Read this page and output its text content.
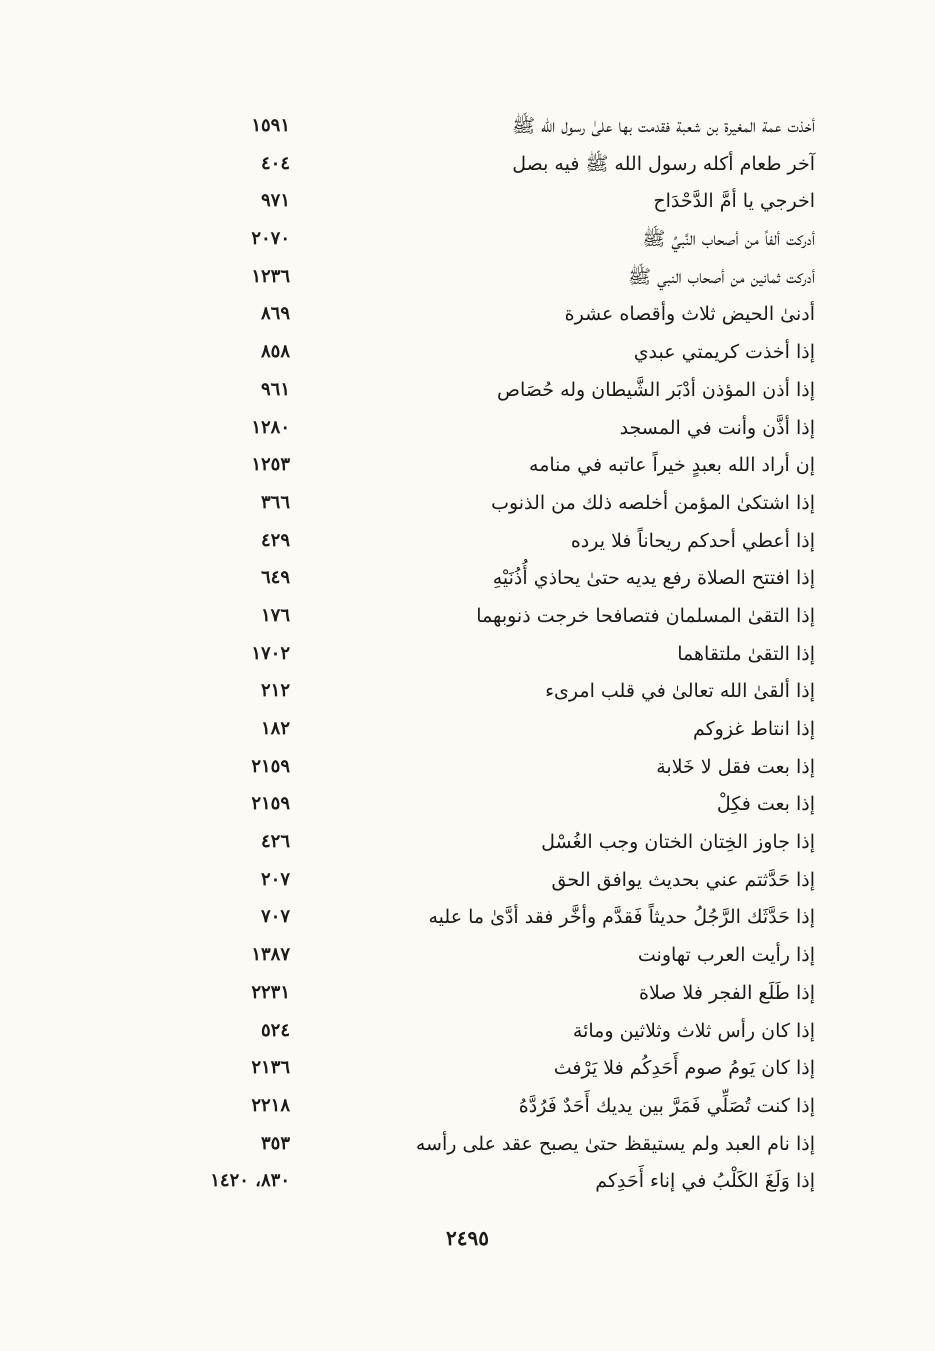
أخذت عمة المغيرة بن شعبة فقدمت بها علىٰ رسول الله ﷺ
١٥٩١
آخر طعام أكله رسول الله ﷺ فيه بصل
٤٠٤
اخرجي يا أمَّ الدَّحْدَاح
٩٧١
أدركت ألفاً من أصحاب النَّبيِّ ﷺ
٢٠٧٠
أدركت ثمانين من أصحاب النبي ﷺ
١٢٣٦
أدنىٰ الحيض ثلاث وأقصاه عشرة
٨٦٩
إذا أخذت كريمتي عبدي
٨٥٨
إذا أذن المؤذن أدْبَر الشَّيطان وله حُصَاص
٩٦١
إذا أذَّن وأنت في المسجد
١٢٨٠
إن أراد الله بعبدٍ خيراً عاتبه في منامه
١٢٥٣
إذا اشتكىٰ المؤمن أخلصه ذلك من الذنوب
٣٦٦
إذا أعطي أحدكم ريحاناً فلا يرده
٤٢٩
إذا افتتح الصلاة رفع يديه حتىٰ يحاذي أُذُنَيْهِ
٦٤٩
إذا التقىٰ المسلمان فتصافحا خرجت ذنوبهما
١٧٦
إذا التقىٰ ملتقاهما
١٧٠٢
إذا ألقىٰ الله تعالىٰ في قلب امرىء
٢١٢
إذا انتاط غزوكم
١٨٢
إذا بعت فقل لا خَلابة
٢١٥٩
إذا بعت فكِلْ
٢١٥٩
إذا جاوز الخِتان الختان وجب الغُسْل
٤٢٦
إذا حَدَّثتم عني بحديث يوافق الحق
٢٠٧
إذا حَدَّثَك الرَّجُلُ حديثاً فَقدَّم وأخَّر فقد أدَّىٰ ما عليه
٧٠٧
إذا رأيت العرب تهاونت
١٣٨٧
إذا طَلَع الفجر فلا صلاة
٢٢٣١
إذا كان رأس ثلاث وثلاثين ومائة
٥٢٤
إذا كان يَومُ صوم أَحَدِكُم فلا يَرْفث
٢١٣٦
إذا كنت تُصَلِّي فَمَرَّ بين يديك أَحَدٌ فَرُدَّهُ
٢٢١٨
إذا نام العبد ولم يستيقظ حتىٰ يصبح عقد على رأسه
٣٥٣
إذا وَلَغَ الكَلْبُ في إناء أَحَدِكم
٨٣٠، ١٤٢٠
٢٤٩٥
